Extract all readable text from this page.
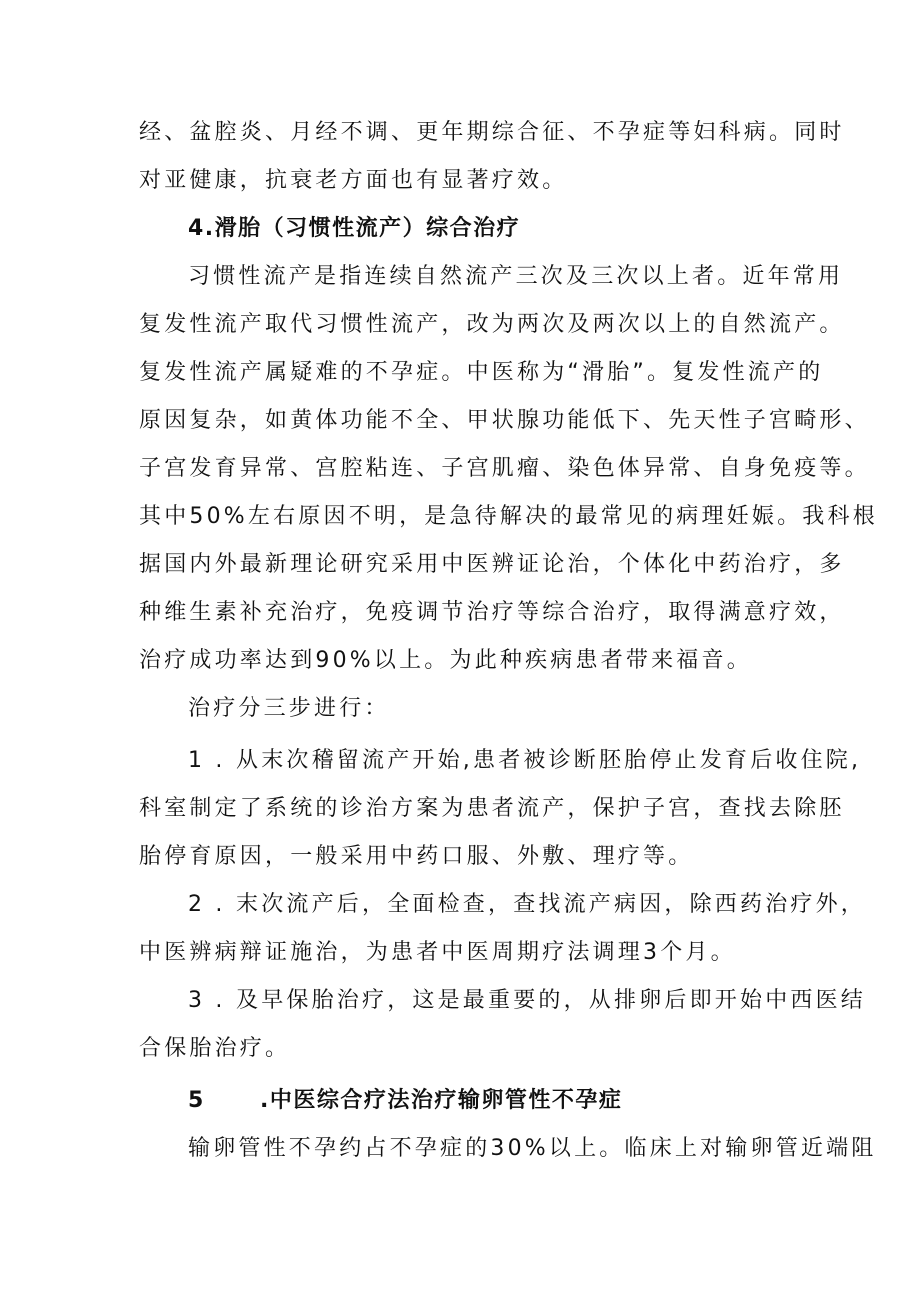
经、盆腔炎、月经不调、更年期综合征、不孕症等妇科病。同时
对亚健康，抗衰老方面也有显著疗效。
4.滑胎（习惯性流产）综合治疗
习惯性流产是指连续自然流产三次及三次以上者。近年常用
复发性流产取代习惯性流产，改为两次及两次以上的自然流产。
复发性流产属疑难的不孕症。中医称为“滑胎”。复发性流产的
原因复杂，如黄体功能不全、甲状腺功能低下、先天性子宫畸形、
子宫发育异常、宫腔粘连、子宫肌瘤、染色体异常、自身免疫等。
其中50%左右原因不明，是急待解决的最常见的病理妊娠。我科根
据国内外最新理论研究采用中医辨证论治，个体化中药治疗，多
种维生素补充治疗，免疫调节治疗等综合治疗，取得满意疗效，
治疗成功率达到90%以上。为此种疾病患者带来福音。
治疗分三步进行：
1 . 从末次稽留流产开始,患者被诊断胚胎停止发育后收住院,
科室制定了系统的诊治方案为患者流产，保护子宫，查找去除胚
胎停育原因，一般采用中药口服、外敷、理疗等。
2 . 末次流产后，全面检查，查找流产病因，除西药治疗外，
中医辨病辩证施治，为患者中医周期疗法调理3个月。
3 . 及早保胎治疗，这是最重要的，从排卵后即开始中西医结
合保胎治疗。
5	.中医综合疗法治疗输卵管性不孕症
输卵管性不孕约占不孕症的30%以上。临床上对输卵管近端阻
